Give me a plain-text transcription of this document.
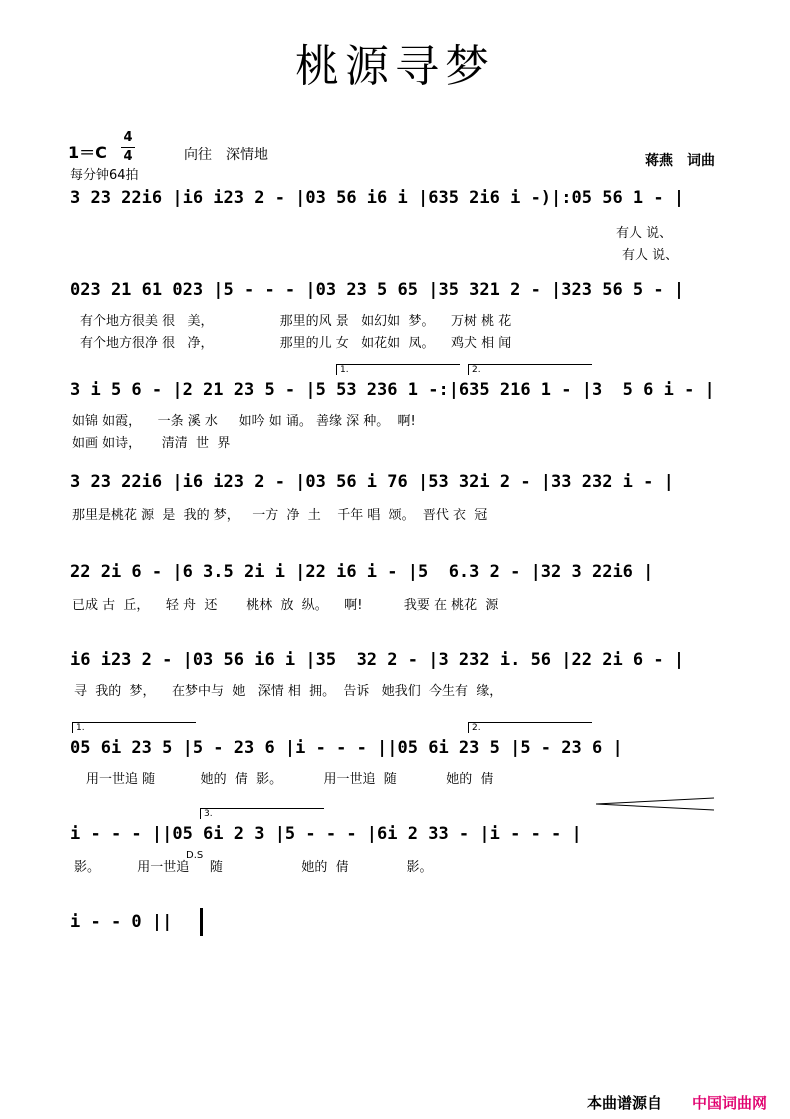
桃源寻梦
1＝C
4
4	向往　深情地
每分钟64拍
蒋燕　词曲
3 23 22i6 |i6 i23 2 - |03 56 i6 i |635 2i6 i -)|:05 56 1 - |
有人 说、
有人 说、
023 21 61 023 |5 - - - |03 23 5 65 |35 321 2 - |323 56 5 - |
有个地方很美 很   美，                那里的风 景   如幻如  梦。    万树 桃 花
有个地方很净 很   净，                那里的儿 女   如花如  凤。    鸡犬 相 闻
1.	2.
3 i 5 6 - |2 21 23 5 - |5 53 236 1 -:|635 216 1 - |3  5 6 i - |
如锦 如霞，    一条 溪 水     如吟 如 诵。 善缘 深 种。  啊!
如画 如诗，     清清  世  界
3 23 22i6 |i6 i23 2 - |03 56 i 76 |53 32i 2 - |33 232 i - |
那里是桃花 源  是  我的 梦，   一方  净  土    千年 唱  颂。  晋代 衣  冠
22 2i 6 - |6 3.5 2i i |22 i6 i - |5  6.3 2 - |32 3 22i6 |
已成 古  丘，    轻 舟  还       桃林  放  纵。    啊!          我要 在 桃花  源
i6 i23 2 - |03 56 i6 i |35  32 2 - |3 232 i. 56 |22 2i 6 - |
寻  我的  梦，    在梦中与  她   深情 相  拥。  告诉   她我们  今生有  缘，
1.	2.
05 6i 23 5 |5 - 23 6 |i - - - ||05 6i 23 5 |5 - 23 6 |
用一世追 随           她的  倩  影。          用一世追  随            她的  倩
3.
i - - - ||05 6i 2 3 |5 - - - |6i 2 33 - |i - - - |
D.S
影。         用一世追     随                   她的  倩              影。
i - - 0 ||
本曲谱源自 中国词曲网
